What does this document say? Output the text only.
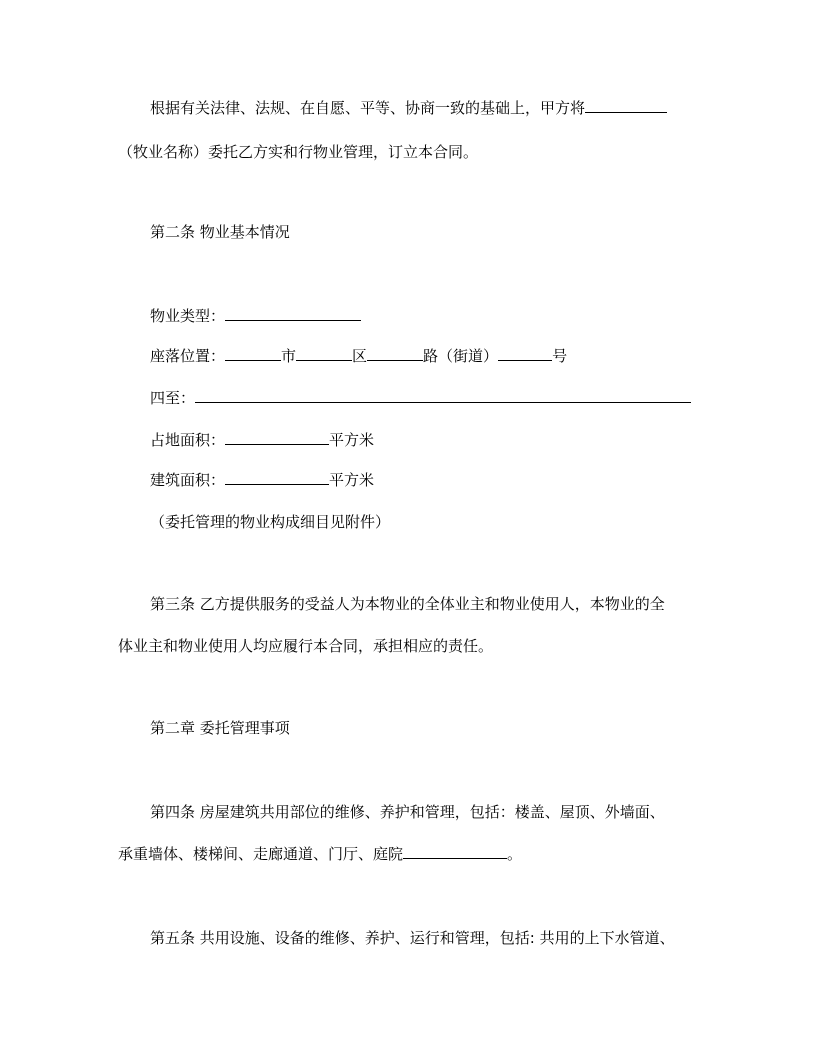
根据有关法律、法规、在自愿、平等、协商一致的基础上，甲方将
（牧业名称）委托乙方实和行物业管理，订立本合同。
第二条 物业基本情况
物业类型：
座落位置：	市	区	路（街道）	号
四至：
占地面积：	平方米
建筑面积：	平方米
（委托管理的物业构成细目见附件）
第三条 乙方提供服务的受益人为本物业的全体业主和物业使用人，本物业的全
体业主和物业使用人均应履行本合同，承担相应的责任。
第二章 委托管理事项
第四条 房屋建筑共用部位的维修、养护和管理，包括：楼盖、屋顶、外墙面、
承重墙体、楼梯间、走廊通道、门厅、庭院	。
第五条 共用设施、设备的维修、养护、运行和管理，包括: 共用的上下水管道、
